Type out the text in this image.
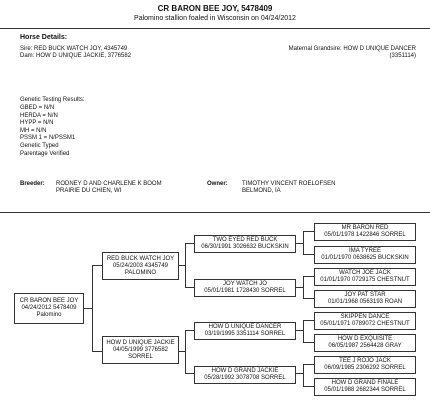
CR BARON BEE JOY, 5478409
Palomino stallion foaled in Wisconsin on 04/24/2012
Horse Details:
Sire: RED BUCK WATCH JOY, 4345749
Dam: HOW D UNIQUE JACKIE, 3776582
Maternal Grandsire: HOW D UNIQUE DANCER
(3351114)
Genetic Testing Results:
GBED = N/N
HERDA = N/N
HYPP = N/N
MH = N/N
PSSM 1 = N/PSSM1
Genetic Typed
Parentage Verified
Breeder: RODNEY D AND CHARLENE K BOOM
PRAIRIE DU CHIEN, WI
Owner: TIMOTHY VINCENT ROELOFSEN
BELMOND, IA
CR BARON BEE JOY
04/24/2012 5478409
Palomino
RED BUCK WATCH JOY
05/24/2003 4345749
PALOMINO
HOW D UNIQUE JACKIE
04/05/1999 3776582
SORREL
TWO EYED RED BUCK
06/30/1991 3026632 BUCKSKIN
JOY WATCH JO
05/01/1981 1728430 SORREL
HOW D UNIQUE DANCER
03/19/1995 3351114 SORREL
HOW D GRAND JACKIE
05/28/1992 3078708 SORREL
MR BARON RED
05/01/1978 1422846 SORREL
IMA TYREE
01/01/1970 0638625 BUCKSKIN
WATCH JOE JACK
01/01/1970 0729175 CHESTNUT
JOY PAT STAR
01/01/1968 0563193 ROAN
SKIPPEN DANCE
05/01/1971 0789072 CHESTNUT
HOW D EXQUISITE
06/05/1987 2564428 GRAY
TEE J ROJO JACK
06/09/1985 2306292 SORREL
HOW D GRAND FINALE
05/01/1988 2682344 SORREL
